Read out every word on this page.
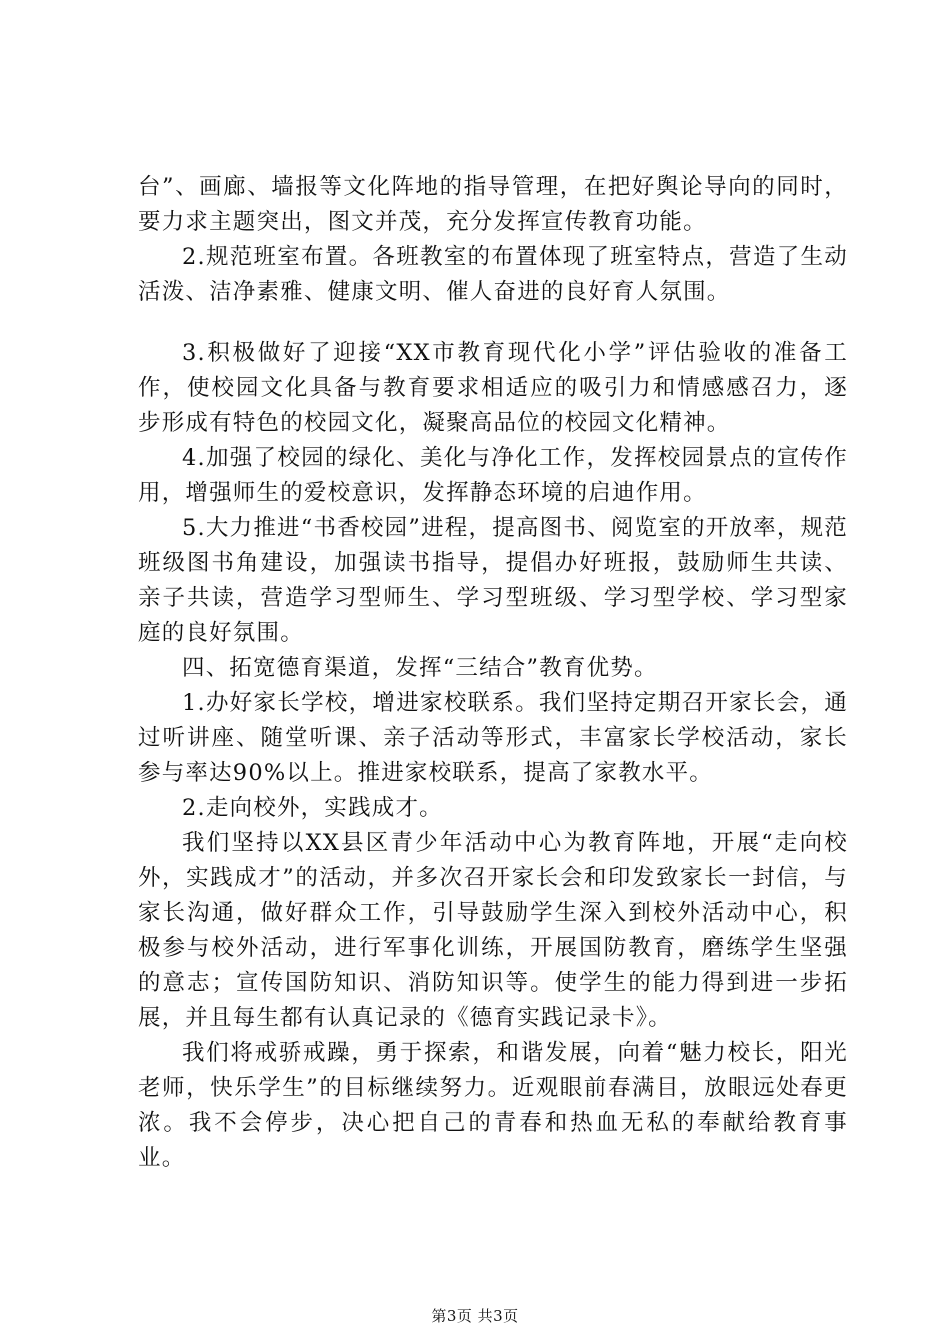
台”、画廊、墙报等文化阵地的指导管理，在把好舆论导向的同时，要力求主题突出，图文并茂，充分发挥宣传教育功能。

2.规范班室布置。各班教室的布置体现了班室特点，营造了生动活泼、洁净素雅、健康文明、催人奋进的良好育人氛围。

3.积极做好了迎接“XX市教育现代化小学”评估验收的准备工作，使校园文化具备与教育要求相适应的吸引力和情感感召力，逐步形成有特色的校园文化，凝聚高品位的校园文化精神。

4.加强了校园的绿化、美化与净化工作，发挥校园景点的宣传作用，增强师生的爱校意识，发挥静态环境的启迪作用。

5.大力推进“书香校园”进程，提高图书、阅览室的开放率，规范班级图书角建设，加强读书指导，提倡办好班报，鼓励师生共读、亲子共读，营造学习型师生、学习型班级、学习型学校、学习型家庭的良好氛围。

四、拓宽德育渠道，发挥“三结合”教育优势。

1.办好家长学校，增进家校联系。我们坚持定期召开家长会，通过听讲座、随堂听课、亲子活动等形式，丰富家长学校活动，家长参与率达90%以上。推进家校联系，提高了家教水平。

2.走向校外，实践成才。

我们坚持以XX县区青少年活动中心为教育阵地，开展“走向校外，实践成才”的活动，并多次召开家长会和印发致家长一封信，与家长沟通，做好群众工作，引导鼓励学生深入到校外活动中心，积极参与校外活动，进行军事化训练，开展国防教育，磨练学生坚强的意志；宣传国防知识、消防知识等。使学生的能力得到进一步拓展，并且每生都有认真记录的《德育实践记录卡》。

我们将戒骄戒躁，勇于探索，和谐发展，向着“魅力校长，阳光老师，快乐学生”的目标继续努力。近观眼前春满目，放眼远处春更浓。我不会停步，决心把自己的青春和热血无私的奉献给教育事业。

第3页 共3页
